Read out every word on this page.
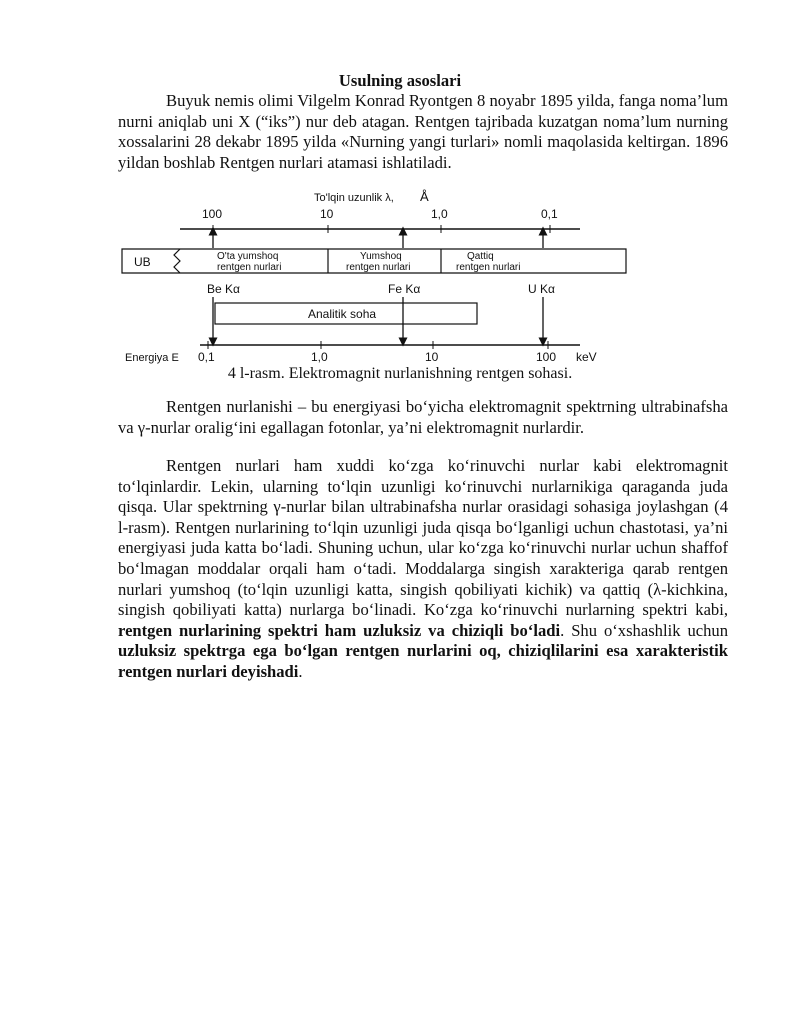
Usulning asoslari

Buyuk nemis olimi Vilgelm Konrad Ryontgen 8 noyabr 1895 yilda, fanga noma’lum nurni aniqlab uni X (“iks”) nur deb atagan. Rentgen tajribada kuzatgan noma’lum nurning xossalarini 28 dekabr 1895 yilda «Nurning yangi turlari» nomli maqolasida keltirgan. 1896 yildan boshlab Rentgen nurlari atamasi ishlatiladi.

To'lqin uzunlik λ, Å
100	10	1,0	0,1
UB	O'ta yumshoq
rentgen nurlari
Yumshoq
rentgen nurlari
Qattiq
rentgen nurlari
Be Kα	Fe Kα	U Kα
Analitik soha
Energiya E 0,1	1,0	10	100 keV
4 l-rasm. Elektromagnit nurlanishning rentgen sohasi.

Rentgen nurlanishi – bu energiyasi bo‘yicha elektromagnit spektrning ultrabinafsha va γ-nurlar oralig‘ini egallagan fotonlar, ya’ni elektromagnit nurlardir.

Rentgen nurlari ham xuddi ko‘zga ko‘rinuvchi nurlar kabi elektromagnit to‘lqinlardir. Lekin, ularning to‘lqin uzunligi ko‘rinuvchi nurlarnikiga qaraganda juda qisqa. Ular spektrning γ-nurlar bilan ultrabinafsha nurlar orasidagi sohasiga joylashgan (4 l-rasm). Rentgen nurlarining to‘lqin uzunligi juda qisqa bo‘lganligi uchun chastotasi, ya’ni energiyasi juda katta bo‘ladi. Shuning uchun, ular ko‘zga ko‘rinuvchi nurlar uchun shaffof bo‘lmagan moddalar orqali ham o‘tadi. Moddalarga singish xarakteriga qarab rentgen nurlari yumshoq (to‘lqin uzunligi katta, singish qobiliyati kichik) va qattiq (λ-kichkina, singish qobiliyati katta) nurlarga bo‘linadi. Ko‘zga ko‘rinuvchi nurlarning spektri kabi, rentgen nurlarining spektri ham uzluksiz va chiziqli bo‘ladi. Shu o‘xshashlik uchun uzluksiz spektrga ega bo‘lgan rentgen nurlarini oq, chiziqlilarini esa xarakteristik rentgen nurlari deyishadi.
